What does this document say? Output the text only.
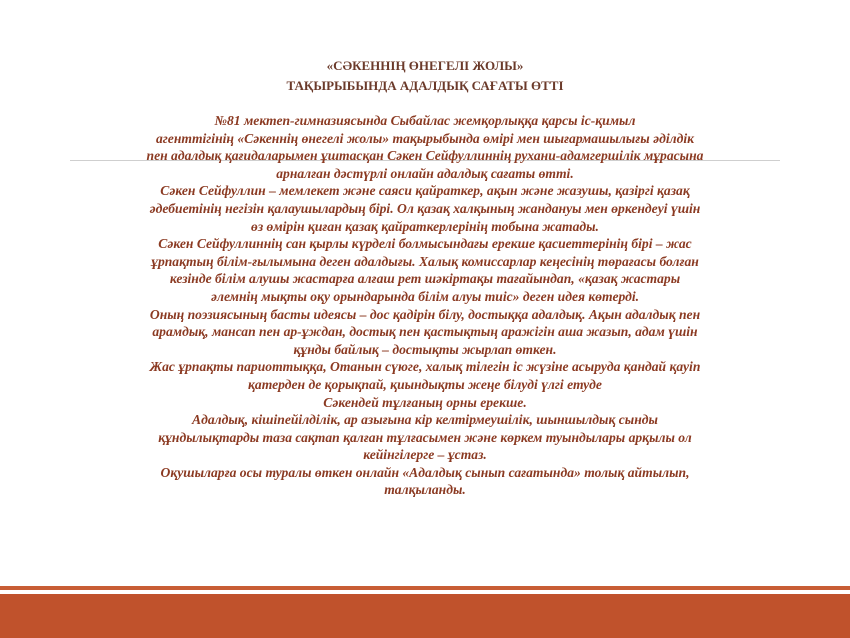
«СӘКЕННІҢ ӨНЕГЕЛІ ЖОЛЫ»
ТАҚЫРЫБЫНДА АДАЛДЫҚ САҒАТЫ ӨТТІ
№81 мектеп-гимназиясында Сыбайлас жемқорлыққа қарсы іс-қимыл
агенттігінің «Сәкеннің өнегелі жолы» тақырыбында өмірі мен шығармашылығы әділдік
пен адалдық қағидаларымен ұштасқан Сәкен Сейфуллиннің рухани-адамгершілік мұрасына
арналған дәстүрлі онлайн адалдық сағаты өтті.
Сәкен Сейфуллин – мемлекет және саяси қайраткер, ақын және жазушы, қазіргі қазақ
әдебиетінің негізін қалаушылардың бірі. Ол қазақ халқының жандануы мен өркендеуі үшін
өз өмірін қиған қазақ қайраткерлерінің тобына жатады.
Сәкен Сейфуллиннің сан қырлы күрделі болмысындағы ерекше қасиеттерінің бірі – жас
ұрпақтың білім-ғылымына деген адалдығы. Халық комиссарлар кеңесінің төрағасы болған
кезінде білім алушы жастарға алғаш рет шәкіртақы тағайындап, «қазақ жастары
әлемнің мықты оқу орындарында білім алуы тиіс» деген идея көтерді.
Оның поэзиясының басты идеясы – дос қадірін білу, достыққа адалдық. Ақын адалдық пен
арамдық, мансап пен ар-ұждан, достық пен қастықтың аражігін аша жазып, адам үшін
құнды байлық – достықты жырлап өткен.
Жас ұрпақты париоттыққа, Отанын сүюге, халық тілегін іс жүзіне асыруда қандай қауіп
қатерден де қорықпай, қиындықты жеңе білуді үлгі етуде
Сәкендей тұлғаның орны ерекше.
Адалдық, кішіпейілділік, ар азығына кір келтірмеушілік, шыншылдық сынды
құндылықтарды таза сақтап қалған тұлғасымен және көркем туындылары арқылы ол
кейінгілерге – ұстаз.
Оқушыларға осы туралы өткен онлайн «Адалдық сынып сағатында» толық айтылып,
талқыланды.
